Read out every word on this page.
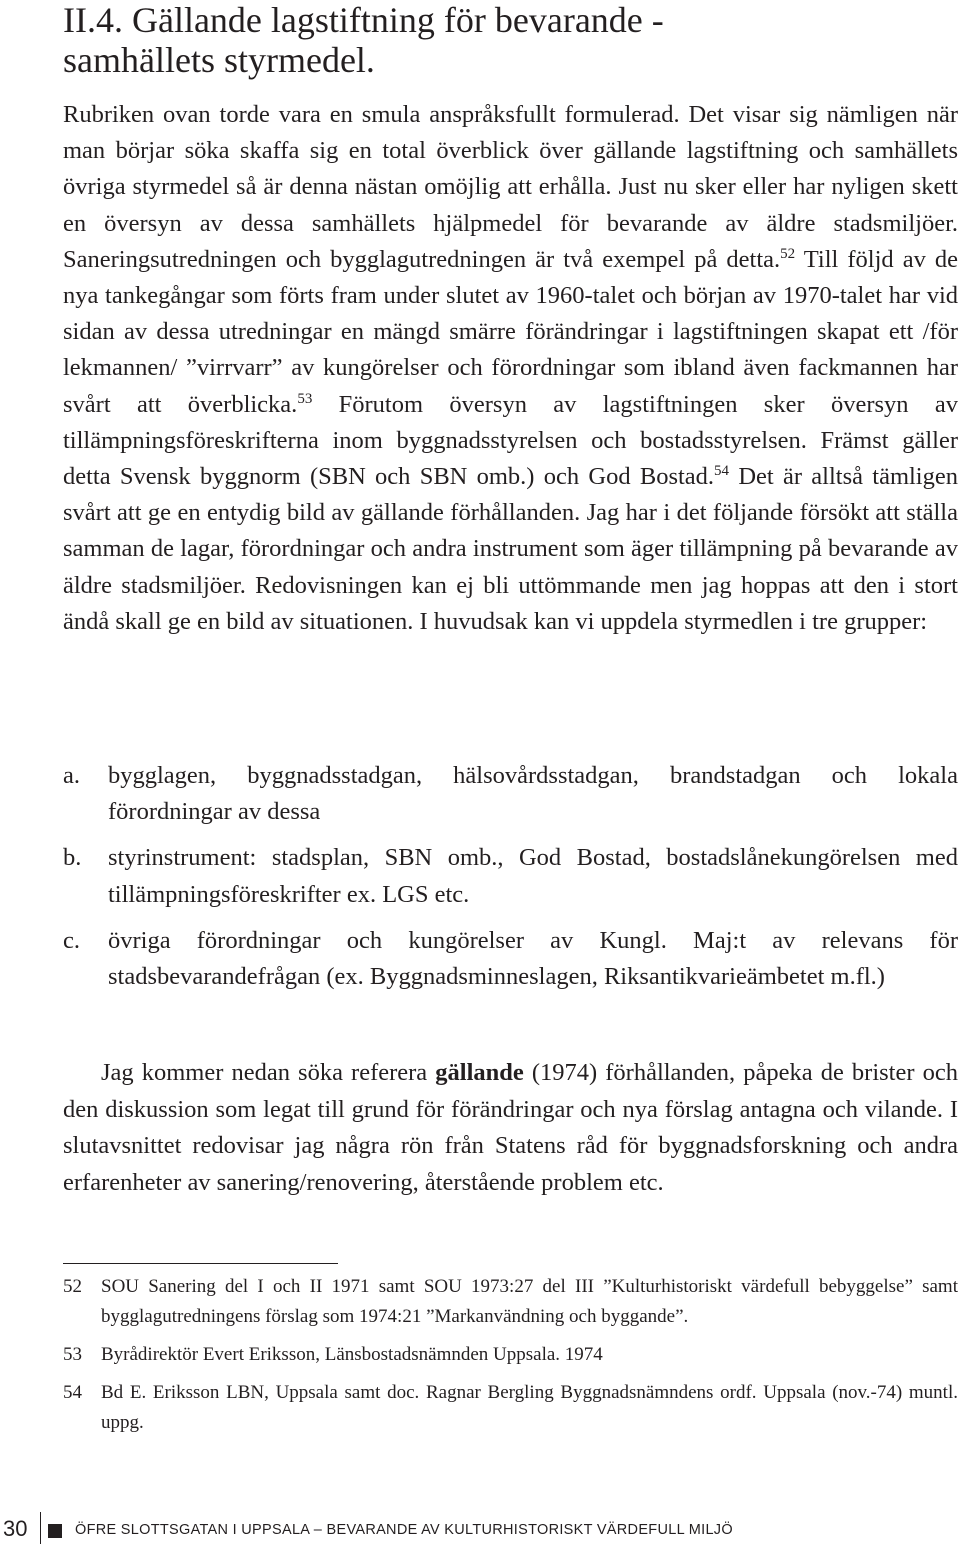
II.4. Gällande lagstiftning för bevarande -
samhällets styrmedel.

Rubriken ovan torde vara en smula anspråksfullt formulerad. Det visar sig nämligen när man börjar söka skaffa sig en total överblick över gällande lagstiftning och samhällets övriga styrmedel så är denna nästan omöjlig att erhålla. Just nu sker eller har nyligen skett en översyn av dessa samhällets hjälpmedel för bevarande av äldre stadsmiljöer. Saneringsutredningen och bygglagutredningen är två exempel på detta.$^{52}$ Till följd av de nya tankegångar som förts fram under slutet av 1960-talet och början av 1970-talet har vid sidan av dessa utredningar en mängd smärre förändringar i lagstiftningen skapat ett /för lekmannen/ ”virrvarr” av kungörelser och förordningar som ibland även fackmannen har svårt att överblicka.$^{53}$ Förutom översyn av lagstiftningen sker översyn av tillämpningsföreskrifterna inom byggnadsstyrelsen och bostadsstyrelsen. Främst gäller detta Svensk byggnorm (SBN och SBN omb.) och God Bostad.$^{54}$ Det är alltså tämligen svårt att ge en entydig bild av gällande förhållanden. Jag har i det följande försökt att ställa samman de lagar, förordningar och andra instrument som äger tillämpning på bevarande av äldre stadsmiljöer. Redovisningen kan ej bli uttömmande men jag hoppas att den i stort ändå skall ge en bild av situationen. I huvudsak kan vi uppdela styrmedlen i tre grupper:

a.	bygglagen, byggnadsstadgan, hälsovårdsstadgan, brandstadgan och lokala förordningar av dessa
b.	styrinstrument: stadsplan, SBN omb., God Bostad, bostadslånekungörelsen med tillämpningsföreskrifter ex. LGS etc.
c.	övriga förordningar och kungörelser av Kungl. Maj:t av relevans för stadsbevarandefrågan (ex. Byggnadsminneslagen, Riksantikvarieämbetet m.fl.)

Jag kommer nedan söka referera gällande (1974) förhållanden, påpeka de brister och den diskussion som legat till grund för förändringar och nya förslag antagna och vilande. I slutavsnittet redovisar jag några rön från Statens råd för byggnadsforskning och andra erfarenheter av sanering/renovering, återstående problem etc.

52	SOU Sanering del I och II 1971 samt SOU 1973:27 del III ”Kulturhistoriskt värdefull bebyggelse” samt bygglagutredningens förslag som 1974:21 ”Markanvändning och byggande”.
53	Byrådirektör Evert Eriksson, Länsbostadsnämnden Uppsala. 1974
54	Bd E. Eriksson LBN, Uppsala samt doc. Ragnar Bergling Byggnadsnämndens ordf. Uppsala (nov.-74) muntl. uppg.
30	ÖFRE SLOTTSGATAN I UPPSALA – BEVARANDE AV KULTURHISTORISKT VÄRDEFULL MILJÖ
